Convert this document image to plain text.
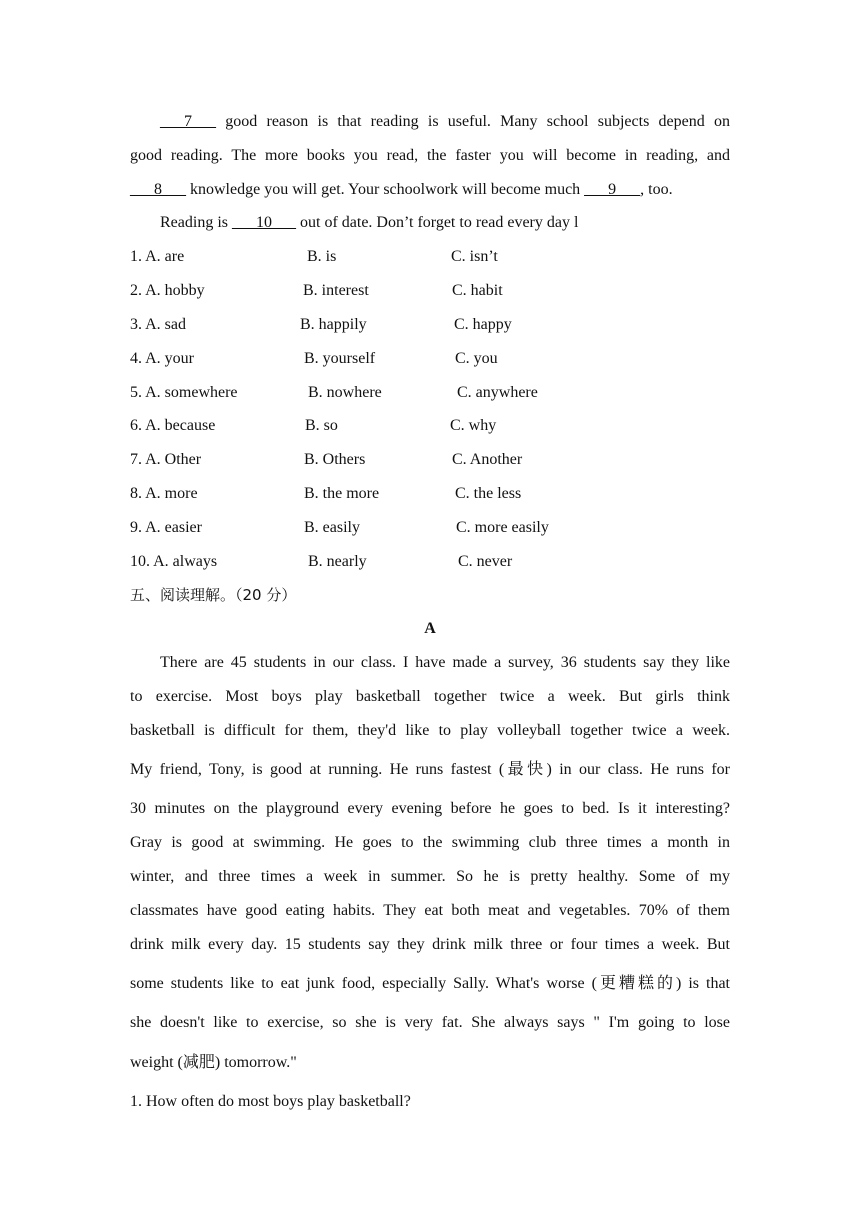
___7___ good reason is that reading is useful. Many school subjects depend on
good reading. The more books you read, the faster you will become in reading, and
___8___ knowledge you will get. Your schoolwork will become much ___9___, too.
Reading is ___10___ out of date. Don’t forget to read every day l
1. A. are	B. is	C. isn’t
2. A. hobby	B. interest	C. habit
3. A. sad	B. happily	C. happy
4. A. your	B. yourself	C. you
5. A. somewhere	B. nowhere	C. anywhere
6. A. because	B. so	C. why
7. A. Other	B. Others	C. Another
8. A. more	B. the more	C. the less
9. A. easier	B. easily	C. more easily
10. A. always	B. nearly	C. never
五、阅读理解。（20 分）
A
There are 45 students in our class. I have made a survey, 36 students say they like
to exercise. Most boys play basketball together twice a week. But girls think
basketball is difficult for them, they'd like to play volleyball together twice a week.
My friend, Tony, is good at running. He runs fastest (最快) in our class. He runs for
30 minutes on the playground every evening before he goes to bed. Is it interesting?
Gray is good at swimming. He goes to the swimming club three times a month in
winter, and three times a week in summer. So he is pretty healthy. Some of my
classmates have good eating habits. They eat both meat and vegetables. 70% of them
drink milk every day. 15 students say they drink milk three or four times a week. But
some students like to eat junk food, especially Sally. What's worse (更糟糕的) is that
she doesn't like to exercise, so she is very fat. She always says " I'm going to lose
weight (减肥) tomorrow."
1. How often do most boys play basketball?
